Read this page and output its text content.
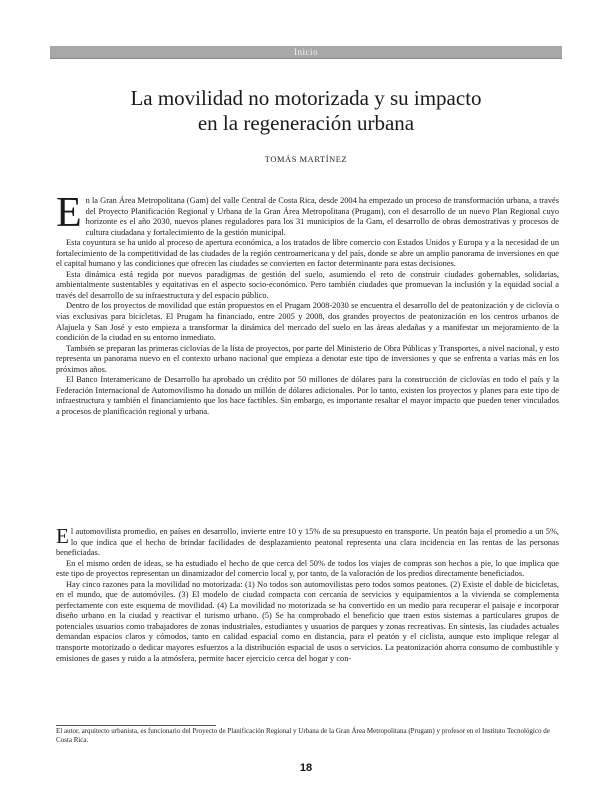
Inicio
La movilidad no motorizada y su impacto
en la regeneración urbana
TOMÁS MARTÍNEZ

En la Gran Área Metropolitana (Gam) del valle Central de Costa Rica, desde 2004 ha empezado un proceso de transformación urbana, a través del Proyecto Planificación Regional y Urbana de la Gran Área Metropolitana (Prugam), con el desarrollo de un nuevo Plan Regional cuyo horizonte es el año 2030, nuevos planes reguladores para los 31 municipios de la Gam, el desarrollo de obras demostrativas y procesos de cultura ciudadana y fortalecimiento de la gestión municipal.

Esta coyuntura se ha unido al proceso de apertura económica, a los tratados de libre comercio con Estados Unidos y Europa y a la necesidad de un fortalecimiento de la competitividad de las ciudades de la región centroamericana y del país, donde se abre un amplio panorama de inversiones en que el capital humano y las condiciones que ofrecen las ciudades se convierten en factor determinante para estas decisiones.

Esta dinámica está regida por nuevos paradigmas de gestión del suelo, asumiendo el reto de construir ciudades gobernables, solidarias, ambientalmente sustentables y equitativas en el aspecto socio-económico. Pero también ciudades que promuevan la inclusión y la equidad social a través del desarrollo de su infraestructura y del espacio público.

Dentro de los proyectos de movilidad que están propuestos en el Prugam 2008-2030 se encuentra el desarrollo del de peatonización y de ciclovía o vías exclusivas para bicicletas. El Prugam ha financiado, entre 2005 y 2008, dos grandes proyectos de peatonización en los centros urbanos de Alajuela y San José y esto empieza a transformar la dinámica del mercado del suelo en las áreas aledañas y a manifestar un mejoramiento de la condición de la ciudad en su entorno inmediato.

También se preparan las primeras ciclovías de la lista de proyectos, por parte del Ministerio de Obra Públicas y Transportes, a nivel nacional, y esto representa un panorama nuevo en el contexto urbano nacional que empieza a denotar este tipo de inversiones y que se enfrenta a varias más en los próximos años.

El Banco Interamericano de Desarrollo ha aprobado un crédito por 50 millones de dólares para la construcción de ciclovías en todo el país y la Federación Internacional de Automovilismo ha donado un millón de dólares adicionales. Por lo tanto, existen los proyectos y planes para este tipo de infraestructura y también el financiamiento que los hace factibles. Sin embargo, es importante resaltar el mayor impacto que pueden tener vinculados a procesos de planificación regional y urbana.

El automovilista promedio, en países en desarrollo, invierte entre 10 y 15% de su presupuesto en transporte. Un peatón baja el promedio a un 5%, lo que indica que el hecho de brindar facilidades de desplazamiento peatonal representa una clara incidencia en las rentas de las personas beneficiadas.

En el mismo orden de ideas, se ha estudiado el hecho de que cerca del 50% de todos los viajes de compras son hechos a pie, lo que implica que este tipo de proyectos representan un dinamizador del comercio local y, por tanto, de la valoración de los predios directamente beneficiados.

Hay cinco razones para la movilidad no motorizada: (1) No todos son automovilistas pero todos somos peatones. (2) Existe el doble de bicicletas, en el mundo, que de automóviles. (3) El modelo de ciudad compacta con cercanía de servicios y equipamientos a la vivienda se complementa perfectamente con este esquema de movilidad. (4) La movilidad no motorizada se ha convertido en un medio para recuperar el paisaje e incorporar diseño urbano en la ciudad y reactivar el turismo urbano. (5) Se ha comprobado el beneficio que traen estos sistemas a particulares grupos de potenciales usuarios como trabajadores de zonas industriales, estudiantes y usuarios de parques y zonas recreativas. En síntesis, las ciudades actuales demandan espacios claros y cómodos, tanto en calidad espacial como en distancia, para el peatón y el ciclista, aunque esto implique relegar al transporte motorizado o dedicar mayores esfuerzos a la distribución espacial de usos o servicios. La peatonización ahorra consumo de combustible y emisiones de gases y ruido a la atmósfera, permite hacer ejercicio cerca del hogar y con-

El autor, arquitecto urbanista, es funcionario del Proyecto de Planificación Regional y Urbana de la Gran Área Metropolitana (Prugam) y profesor en el Instituto Tecnológico de Costa Rica.
18
